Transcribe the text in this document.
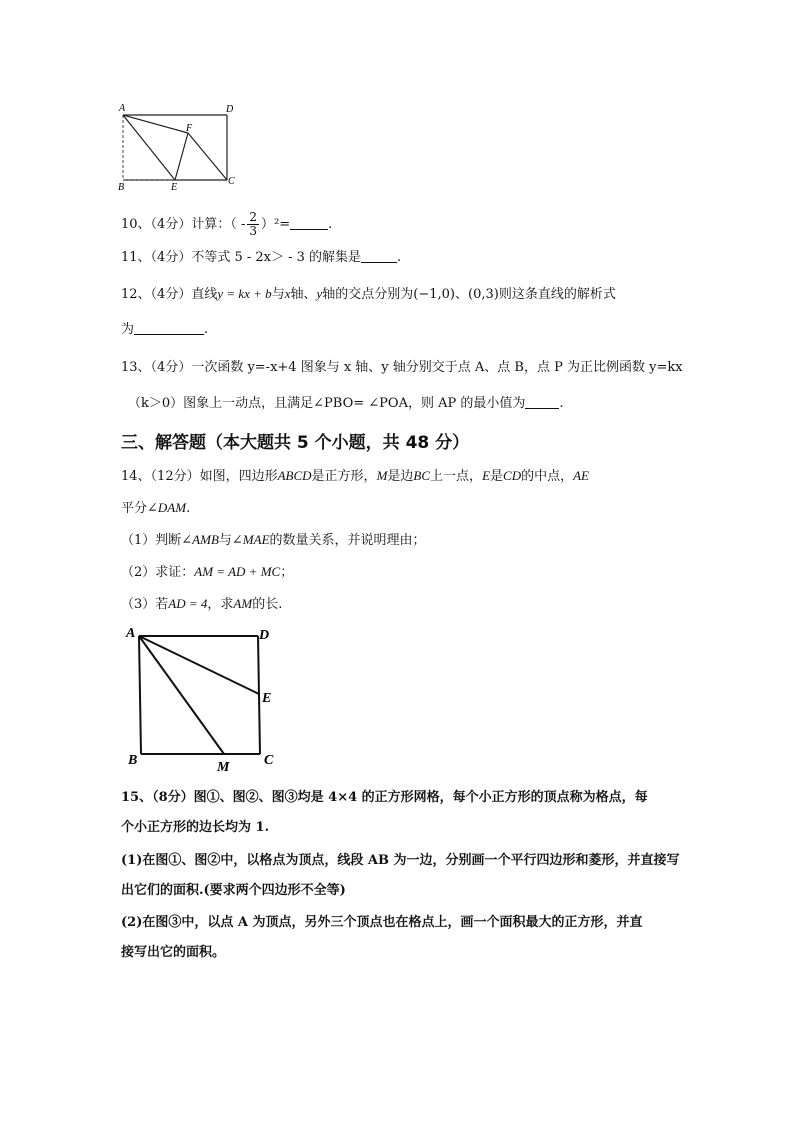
A	D
F
B	E
C
10、（4分）计算：（ - $\frac{2}{3} )^2=$	.
11、（4分）不等式 5 - 2x＞ - 3 的解集是	.
12、（4分）直线y = kx + b与x轴、y轴的交点分别为(−1,0)、(0,3)则这条直线的解析式
为	.
13、（4分）一次函数 y=-x+4 图象与 x 轴、y 轴分别交于点 A、点 B，点 P 为正比例函数 y=kx
（k＞0）图象上一动点，且满足∠PBO= ∠POA，则 AP 的最小值为	.
三、解答题（本大题共 5 个小题，共 48 分）
14、（12分）如图，四边形ABCD是正方形，M是边BC上一点，E是CD的中点，AE
平分∠DAM.
（1）判断∠AMB与∠MAE的数量关系，并说明理由；
（2）求证：AM = AD + MC；
（3）若AD = 4，求AM的长.
A	D
E
B	M C
15、（8分）图①、图②、图③均是 4×4 的正方形网格，每个小正方形的顶点称为格点，每
个小正方形的边长均为 1.
(1)在图①、图②中，以格点为顶点，线段 AB 为一边，分别画一个平行四边形和菱形，并直接写
出它们的面积.(要求两个四边形不全等)
(2)在图③中，以点 A 为顶点，另外三个顶点也在格点上，画一个面积最大的正方形，并直
接写出它的面积。
